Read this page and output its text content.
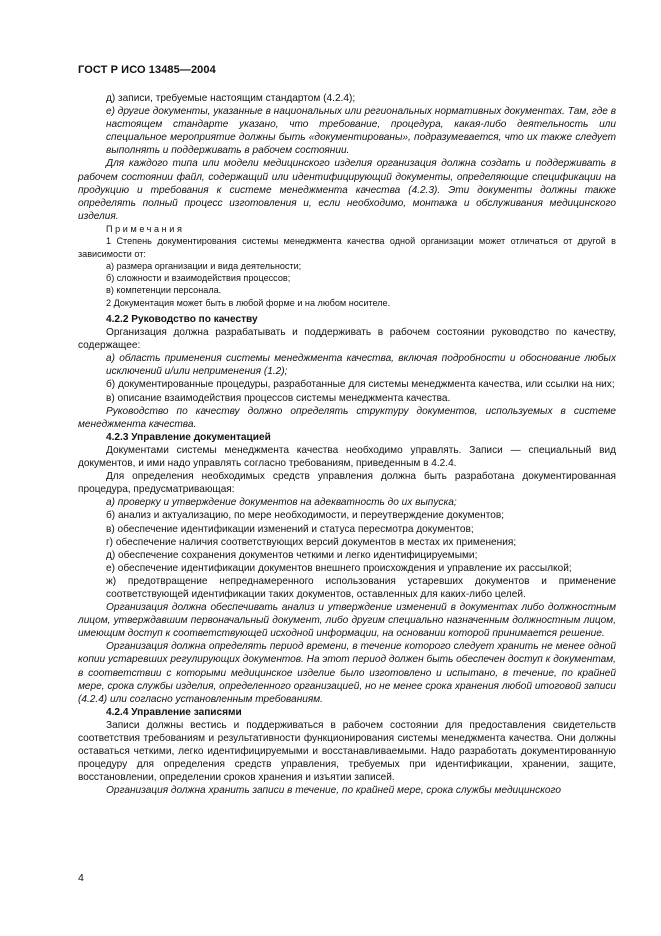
ГОСТ Р ИСО 13485—2004

д) записи, требуемые настоящим стандартом (4.2.4);

е) другие документы, указанные в национальных или региональных нормативных документах. Там, где в настоящем стандарте указано, что требование, процедура, какая-либо деятельность или специальное мероприятие должны быть «документированы», подразумевается, что их также следует выполнять и поддерживать в рабочем состоянии.

Для каждого типа или модели медицинского изделия организация должна создать и поддерживать в рабочем состоянии файл, содержащий или идентифицирующий документы, определяющие спецификации на продукцию и требования к системе менеджмента качества (4.2.3). Эти документы должны также определять полный процесс изготовления и, если необходимо, монтажа и обслуживания медицинского изделия.

Примечания

1 Степень документирования системы менеджмента качества одной организации может отличаться от другой в зависимости от:

а) размера организации и вида деятельности;

б) сложности и взаимодействия процессов;

в) компетенции персонала.

2 Документация может быть в любой форме и на любом носителе.

4.2.2 Руководство по качеству

Организация должна разрабатывать и поддерживать в рабочем состоянии руководство по качеству, содержащее:

а) область применения системы менеджмента качества, включая подробности и обоснование любых исключений и/или неприменения (1.2);

б) документированные процедуры, разработанные для системы менеджмента качества, или ссылки на них;

в) описание взаимодействия процессов системы менеджмента качества.

Руководство по качеству должно определять структуру документов, используемых в системе менеджмента качества.

4.2.3 Управление документацией

Документами системы менеджмента качества необходимо управлять. Записи — специальный вид документов, и ими надо управлять согласно требованиям, приведенным в 4.2.4.

Для определения необходимых средств управления должна быть разработана документированная процедура, предусматривающая:

а) проверку и утверждение документов на адекватность до их выпуска;

б) анализ и актуализацию, по мере необходимости, и переутверждение документов;

в) обеспечение идентификации изменений и статуса пересмотра документов;

г) обеспечение наличия соответствующих версий документов в местах их применения;

д) обеспечение сохранения документов четкими и легко идентифицируемыми;

е) обеспечение идентификации документов внешнего происхождения и управление их рассылкой;

ж) предотвращение непреднамеренного использования устаревших документов и применение соответствующей идентификации таких документов, оставленных для каких-либо целей.

Организация должна обеспечивать анализ и утверждение изменений в документах либо должностным лицом, утверждавшим первоначальный документ, либо другим специально назначенным должностным лицом, имеющим доступ к соответствующей исходной информации, на основании которой принимается решение.

Организация должна определять период времени, в течение которого следует хранить не менее одной копии устаревших регулирующих документов. На этот период должен быть обеспечен доступ к документам, в соответствии с которыми медицинское изделие было изготовлено и испытано, в течение, по крайней мере, срока службы изделия, определенного организацией, но не менее срока хранения любой итоговой записи (4.2.4) или согласно установленным требованиям.

4.2.4 Управление записями

Записи должны вестись и поддерживаться в рабочем состоянии для предоставления свидетельств соответствия требованиям и результативности функционирования системы менеджмента качества. Они должны оставаться четкими, легко идентифицируемыми и восстанавливаемыми. Надо разработать документированную процедуру для определения средств управления, требуемых при идентификации, хранении, защите, восстановлении, определении сроков хранения и изъятии записей.

Организация должна хранить записи в течение, по крайней мере, срока службы медицинского

4
